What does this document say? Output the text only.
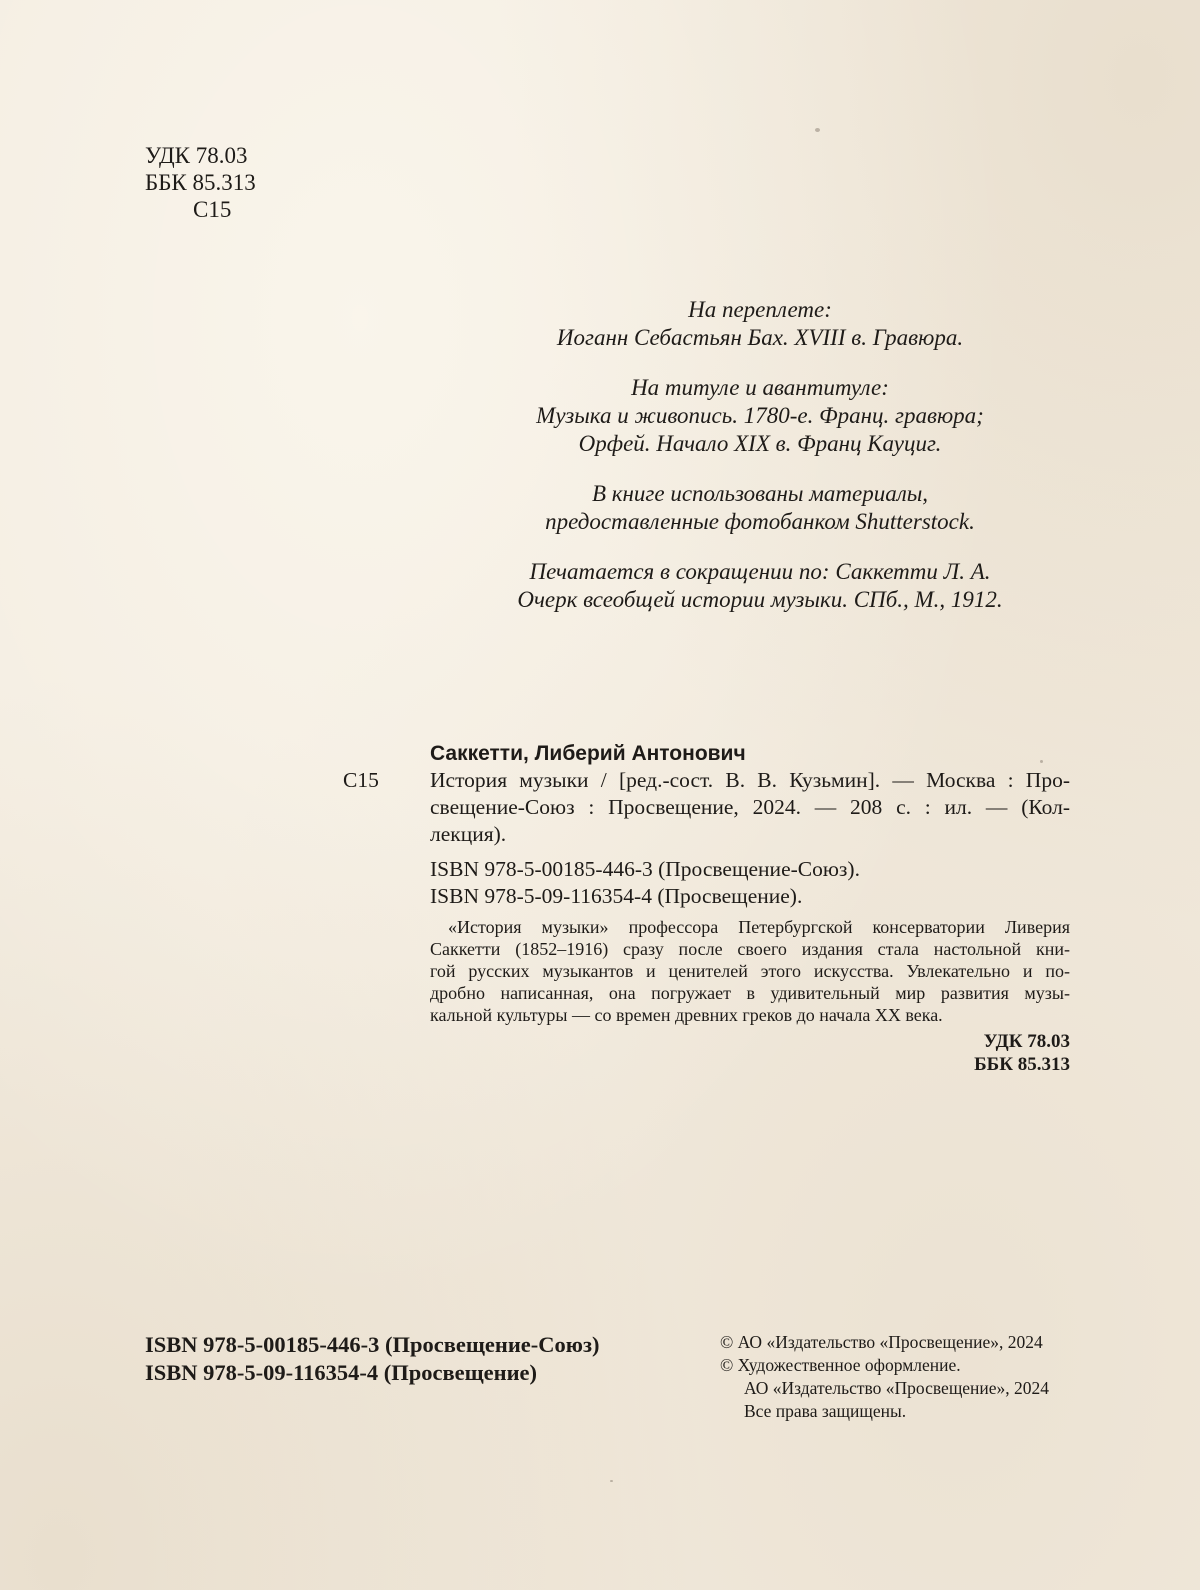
УДК 78.03
ББК 85.313
С15
На переплете:
Иоганн Себастьян Бах. XVIII в. Гравюра.
На титуле и авантитуле:
Музыка и живопись. 1780-е. Франц. гравюра;
Орфей. Начало XIX в. Франц Кауциг.
В книге использованы материалы,
предоставленные фотобанком Shutterstock.
Печатается в сокращении по: Саккетти Л. А.
Очерк всеобщей истории музыки. СПб., М., 1912.
С15
Саккетти, Либерий Антонович
История музыки / [ред.-сост. В. В. Кузьмин]. — Москва : Про-
свещение-Союз : Просвещение, 2024. — 208 с. : ил. — (Кол-
лекция).
ISBN 978-5-00185-446-3 (Просвещение-Союз).
ISBN 978-5-09-116354-4 (Просвещение).
«История музыки» профессора Петербургской консерватории Ливерия
Саккетти (1852–1916) сразу после своего издания стала настольной кни-
гой русских музыкантов и ценителей этого искусства. Увлекательно и по-
дробно написанная, она погружает в удивительный мир развития музы-
кальной культуры — со времен древних греков до начала XX века.
УДК 78.03
ББК 85.313
ISBN 978-5-00185-446-3 (Просвещение-Союз)
ISBN 978-5-09-116354-4 (Просвещение)
© АО «Издательство «Просвещение», 2024
© Художественное оформление.
АО «Издательство «Просвещение», 2024
Все права защищены.
